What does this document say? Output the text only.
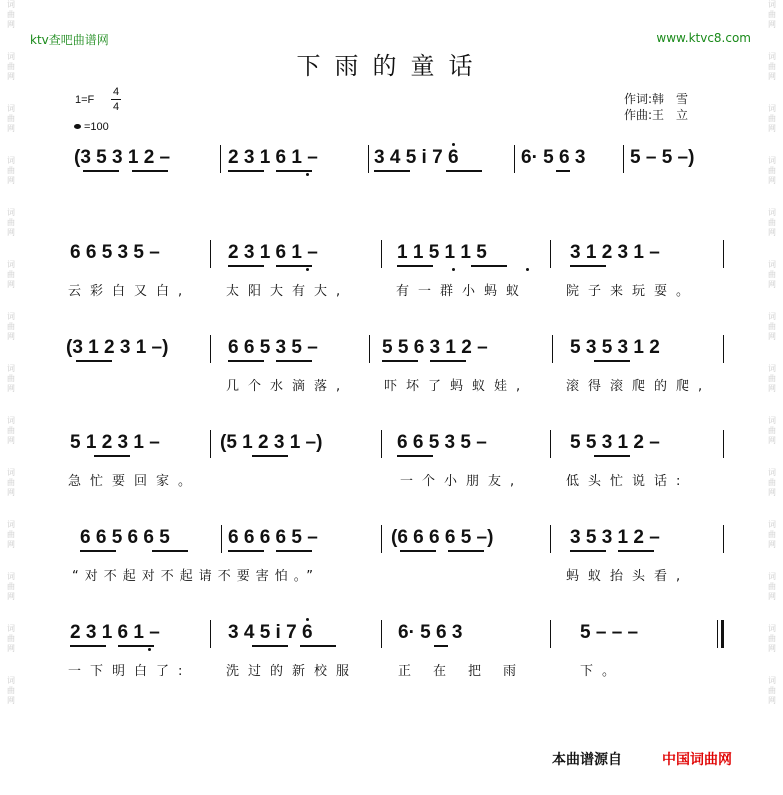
词
曲
网
词
曲
网
词
曲
网
词
曲
网
词
曲
网
词
曲
网
词
曲
网
词
曲
网
词
曲
网
词
曲
网
词
曲
网
词
曲
网
词
曲
网
词
曲
网
词
曲
网
词
曲
网
词
曲
网
词
曲
网
词
曲
网
词
曲
网
词
曲
网
词
曲
网
词
曲
网
词
曲
网
词
曲
网
词
曲
网
词
曲
网
词
曲
网
ktv查吧曲谱网	www.ktvc8.com
下雨的童话
1=F
4
4
=100
作词:韩　雪
作曲:王　立
(3 5 3 1 2 –	2 3 1 6 1 –	3 4 5 i 7 6	6· 5 6 3 5 – 5 –)
6 6 5 3 5 –	2 3 1 6 1 –	1 1 5 1 1 5	3 1 2 3 1 –
云彩白又白,	太阳大有大,	有一群小蚂蚁	院子来玩耍。
(3 1 2 3 1 –)	6 6 5 3 5 –	5 5 6 3 1 2 –	5 3 5 3 1 2
几个水滴落,	吓坏了蚂蚁娃,	滚得滚爬的爬,
5 1 2 3 1 –	(5 1 2 3 1 –)	6 6 5 3 5 –	5 5 3 1 2 –
急忙要回家。	一个小朋友,	低头忙说话:
6 6 5 6 6 5	6 6 6 6 5 –	(6 6 6 6 5 –)	3 5 3 1 2 –
“对不起对不起请不要害怕。”	蚂蚁抬头看,
2 3 1 6 1 –	3 4 5 i 7 6	6· 5 6 3	5 – – –
一下明白了:	洗过的新校服	正在把雨	下。
本曲谱源自	中国词曲网
